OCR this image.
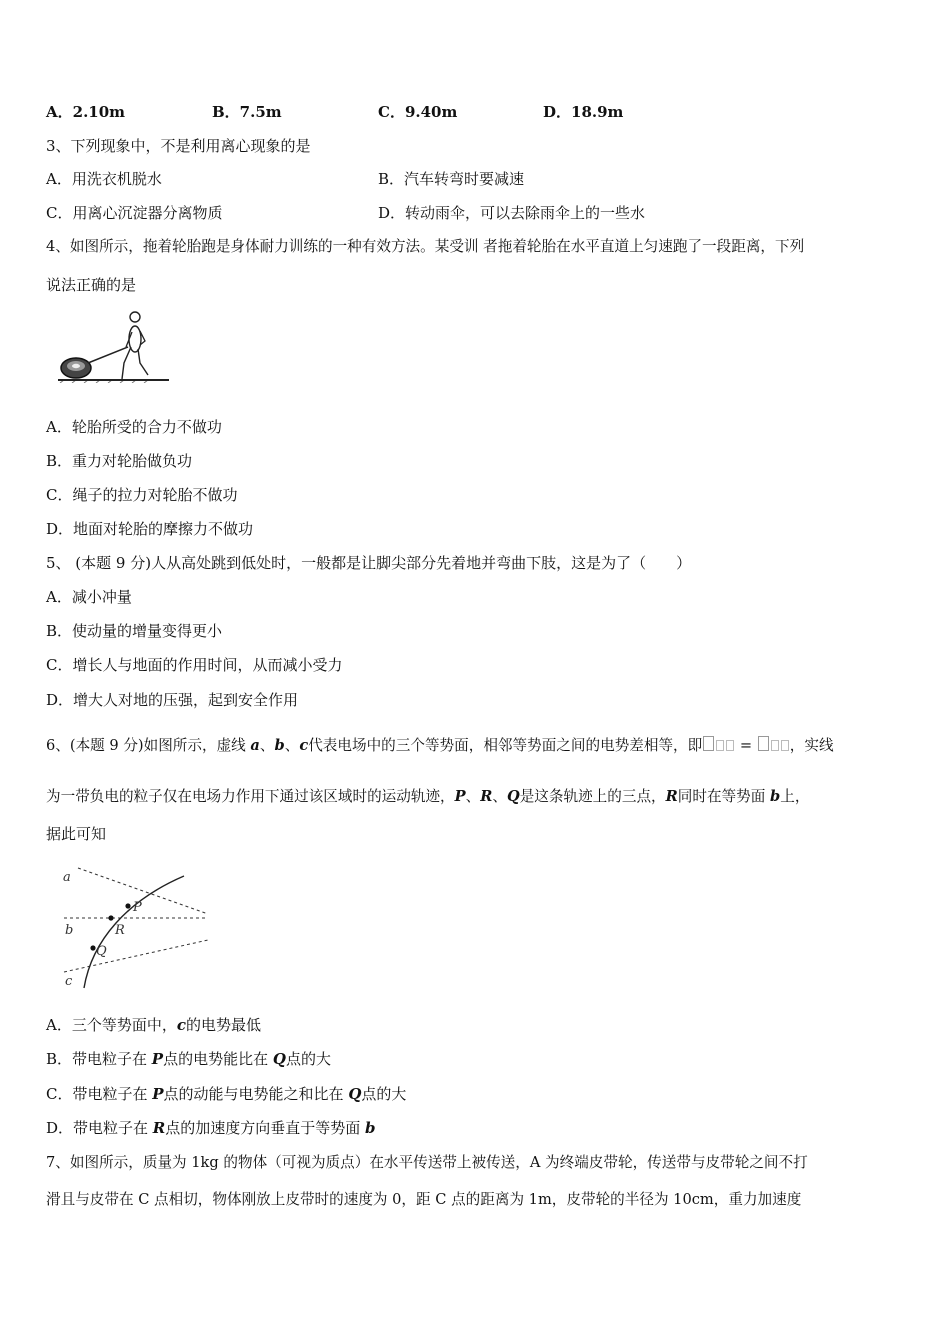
A．2.10m	B．7.5m	C．9.40m	D．18.9m
3、下列现象中，不是利用离心现象的是
A．用洗衣机脱水	B．汽车转弯时要减速
C．用离心沉淀器分离物质	D．转动雨伞，可以去除雨伞上的一些水
4、如图所示，拖着轮胎跑是身体耐力训练的一种有效方法。某受训 者拖着轮胎在水平直道上匀速跑了一段距离，下列
说法正确的是
A．轮胎所受的合力不做功
B．重力对轮胎做负功
C．绳子的拉力对轮胎不做功
D．地面对轮胎的摩擦力不做功
5、 (本题 9 分)人从高处跳到低处时，一般都是让脚尖部分先着地并弯曲下肢，这是为了（　　）
A．减小冲量
B．使动量的增量变得更小
C．增长人与地面的作用时间，从而减小受力
D．增大人对地的压强，起到安全作用
6、(本题 9 分)如图所示，虚线 a、b、c代表电场中的三个等势面，相邻等势面之间的电势差相等，即	=	，实线
为一带负电的粒子仅在电场力作用下通过该区域时的运动轨迹，P、R、Q是这条轨迹上的三点，R同时在等势面 b上，
据此可知
a
b
c
P
R
Q
A．三个等势面中，c的电势最低
B．带电粒子在 P点的电势能比在 Q点的大
C．带电粒子在 P点的动能与电势能之和比在 Q点的大
D．带电粒子在 R点的加速度方向垂直于等势面 b
7、如图所示，质量为 1kg 的物体（可视为质点）在水平传送带上被传送，A 为终端皮带轮，传送带与皮带轮之间不打
滑且与皮带在 C 点相切，物体刚放上皮带时的速度为 0，距 C 点的距离为 1m，皮带轮的半径为 10cm，重力加速度
